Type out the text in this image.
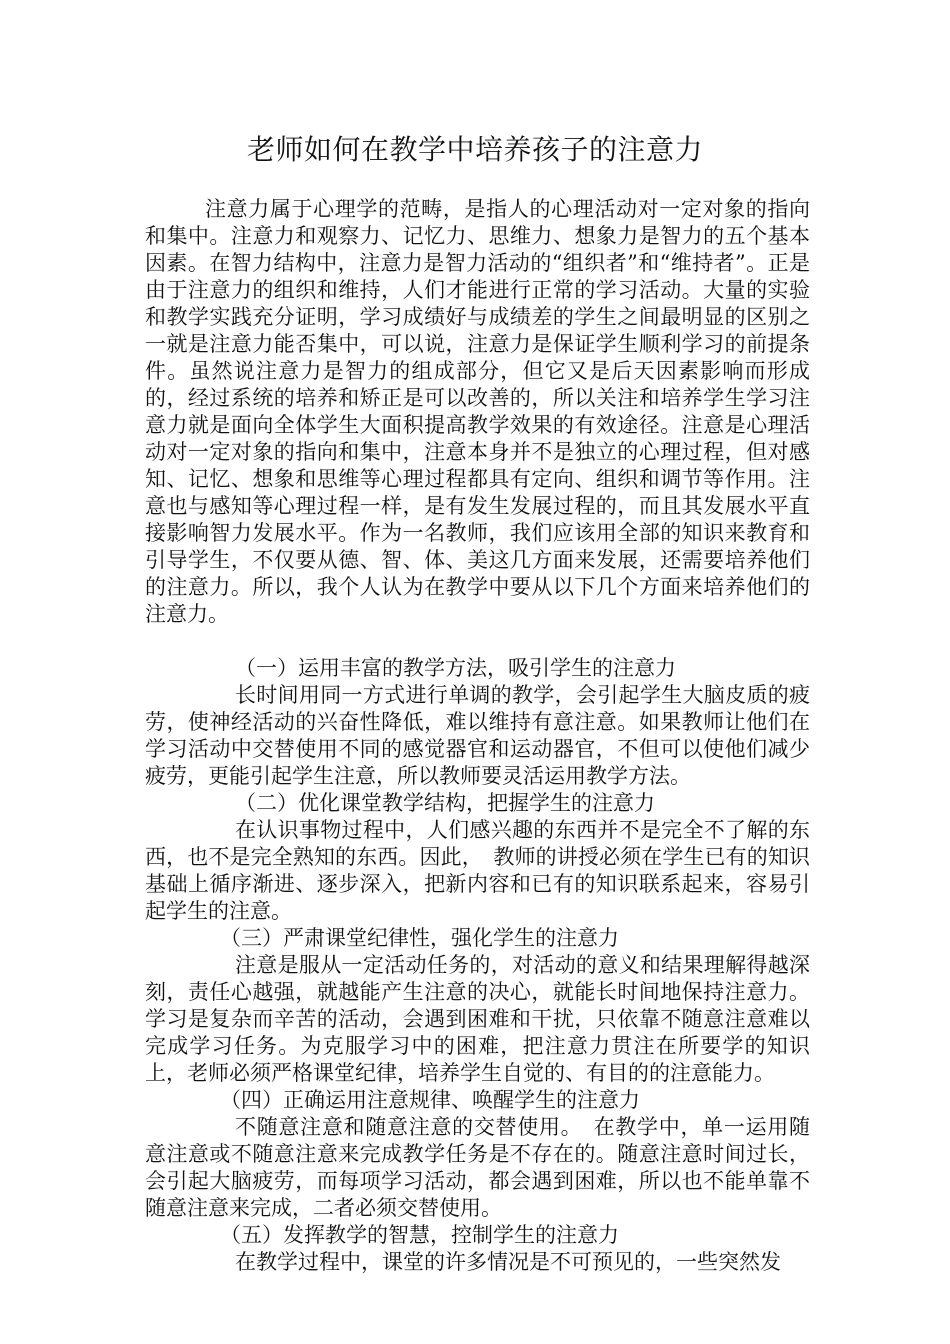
老师如何在教学中培养孩子的注意力

注意力属于心理学的范畴，是指人的心理活动对一定对象的指向和集中。注意力和观察力、记忆力、思维力、想象力是智力的五个基本因素。在智力结构中，注意力是智力活动的“组织者”和“维持者”。正是由于注意力的组织和维持，人们才能进行正常的学习活动。大量的实验和教学实践充分证明，学习成绩好与成绩差的学生之间最明显的区别之一就是注意力能否集中，可以说，注意力是保证学生顺利学习的前提条件。虽然说注意力是智力的组成部分，但它又是后天因素影响而形成的，经过系统的培养和矫正是可以改善的，所以关注和培养学生学习注意力就是面向全体学生大面积提高教学效果的有效途径。注意是心理活动对一定对象的指向和集中，注意本身并不是独立的心理过程，但对感知、记忆、想象和思维等心理过程都具有定向、组织和调节等作用。注意也与感知等心理过程一样，是有发生发展过程的，而且其发展水平直接影响智力发展水平。作为一名教师，我们应该用全部的知识来教育和引导学生，不仅要从德、智、体、美这几方面来发展，还需要培养他们的注意力。所以，我个人认为在教学中要从以下几个方面来培养他们的注意力。

（一）运用丰富的教学方法，吸引学生的注意力

长时间用同一方式进行单调的教学，会引起学生大脑皮质的疲劳，使神经活动的兴奋性降低，难以维持有意注意。如果教师让他们在学习活动中交替使用不同的感觉器官和运动器官，不但可以使他们减少疲劳，更能引起学生注意，所以教师要灵活运用教学方法。

（二）优化课堂教学结构，把握学生的注意力

在认识事物过程中，人们感兴趣的东西并不是完全不了解的东西，也不是完全熟知的东西。因此，　教师的讲授必须在学生已有的知识基础上循序渐进、逐步深入，把新内容和已有的知识联系起来，容易引起学生的注意。

（三）严肃课堂纪律性，强化学生的注意力

注意是服从一定活动任务的，对活动的意义和结果理解得越深刻，责任心越强，就越能产生注意的决心，就能长时间地保持注意力。学习是复杂而辛苦的活动，会遇到困难和干扰，只依靠不随意注意难以完成学习任务。为克服学习中的困难，把注意力贯注在所要学的知识上，老师必须严格课堂纪律，培养学生自觉的、有目的的注意能力。

（四）正确运用注意规律、唤醒学生的注意力

不随意注意和随意注意的交替使用。　在教学中，单一运用随意注意或不随意注意来完成教学任务是不存在的。随意注意时间过长，会引起大脑疲劳，而每项学习活动，都会遇到困难，所以也不能单靠不随意注意来完成，二者必须交替使用。

（五）发挥教学的智慧，控制学生的注意力

在教学过程中，课堂的许多情况是不可预见的，一些突然发
